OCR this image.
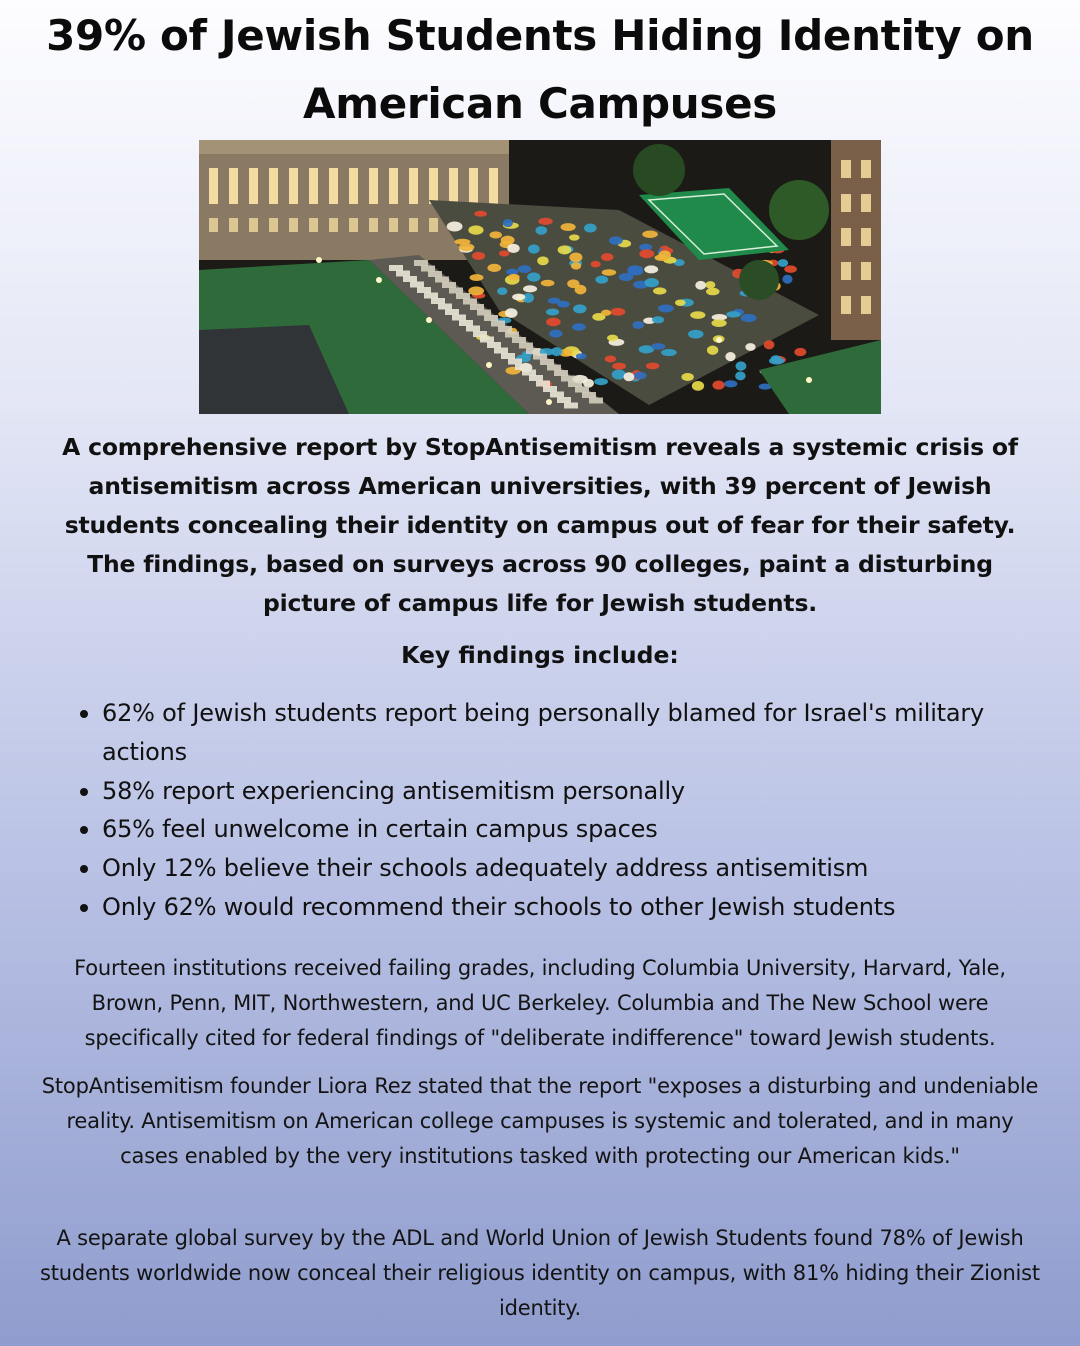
39% of Jewish Students Hiding Identity on American Campuses

A comprehensive report by StopAntisemitism reveals a systemic crisis of antisemitism across American universities, with 39 percent of Jewish students concealing their identity on campus out of fear for their safety. The findings, based on surveys across 90 colleges, paint a disturbing picture of campus life for Jewish students.

Key findings include:
62% of Jewish students report being personally blamed for Israel's military actions
58% report experiencing antisemitism personally
65% feel unwelcome in certain campus spaces
Only 12% believe their schools adequately address antisemitism
Only 62% would recommend their schools to other Jewish students

Fourteen institutions received failing grades, including Columbia University, Harvard, Yale, Brown, Penn, MIT, Northwestern, and UC Berkeley. Columbia and The New School were specifically cited for federal findings of "deliberate indifference" toward Jewish students.

StopAntisemitism founder Liora Rez stated that the report "exposes a disturbing and undeniable reality. Antisemitism on American college campuses is systemic and tolerated, and in many cases enabled by the very institutions tasked with protecting our American kids."

A separate global survey by the ADL and World Union of Jewish Students found 78% of Jewish students worldwide now conceal their religious identity on campus, with 81% hiding their Zionist identity.
